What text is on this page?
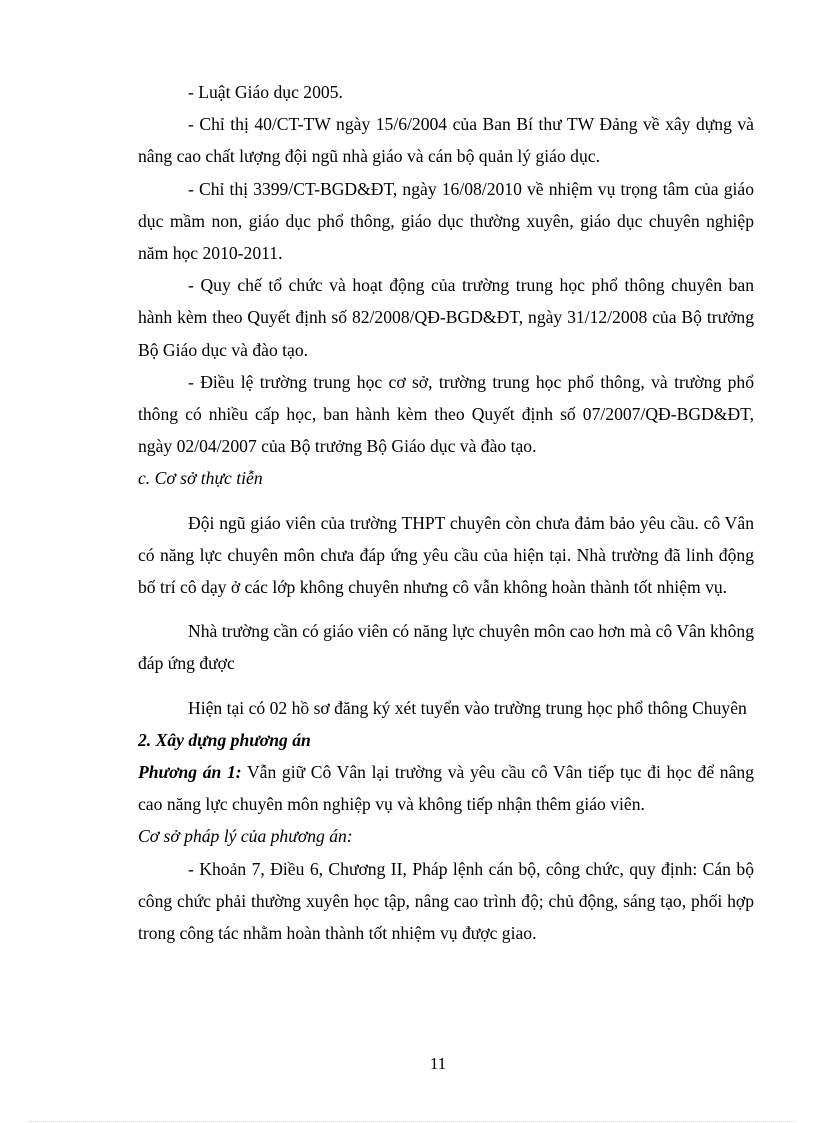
- Luật Giáo dục 2005.

- Chỉ thị 40/CT-TW ngày 15/6/2004 của Ban Bí thư TW Đảng về xây dựng và nâng cao chất lượng đội ngũ nhà giáo và cán bộ quản lý giáo dục.

- Chỉ thị 3399/CT-BGD&ĐT, ngày 16/08/2010 về nhiệm vụ trọng tâm của giáo dục mầm non, giáo dục phổ thông, giáo dục thường xuyên, giáo dục chuyên nghiệp năm học 2010-2011.

- Quy chế tổ chức và hoạt động của trường trung học phổ thông chuyên ban hành kèm theo Quyết định số 82/2008/QĐ-BGD&ĐT, ngày 31/12/2008 của Bộ trưởng Bộ Giáo dục và đào tạo.

- Điều lệ trường trung học cơ sở, trường trung học phổ thông, và trường phổ thông có nhiều cấp học, ban hành kèm theo Quyết định số 07/2007/QĐ-BGD&ĐT, ngày 02/04/2007 của Bộ trưởng Bộ Giáo dục và đào tạo.

c. Cơ sở thực tiễn

Đội ngũ giáo viên của trường THPT chuyên còn chưa đảm bảo yêu cầu. cô Vân có năng lực chuyên môn chưa đáp ứng yêu cầu của hiện tại. Nhà trường đã linh động bố trí cô dạy ở các lớp không chuyên nhưng cô vẫn không hoàn thành tốt nhiệm vụ.

Nhà trường cần có giáo viên có năng lực chuyên môn cao hơn mà cô Vân không đáp ứng được

Hiện tại có 02 hồ sơ đăng ký xét tuyển vào trường trung học phổ thông Chuyên

2. Xây dựng phương án

Phương án 1: Vẫn giữ Cô Vân lại trường và yêu cầu cô Vân tiếp tục đi học để nâng cao năng lực chuyên môn nghiệp vụ và không tiếp nhận thêm giáo viên.

Cơ sở pháp lý của phương án:

- Khoản 7, Điều 6, Chương II, Pháp lệnh cán bộ, công chức, quy định: Cán bộ công chức phải thường xuyên học tập, nâng cao trình độ; chủ động, sáng tạo, phối hợp trong công tác nhằm hoàn thành tốt nhiệm vụ được giao.

11
